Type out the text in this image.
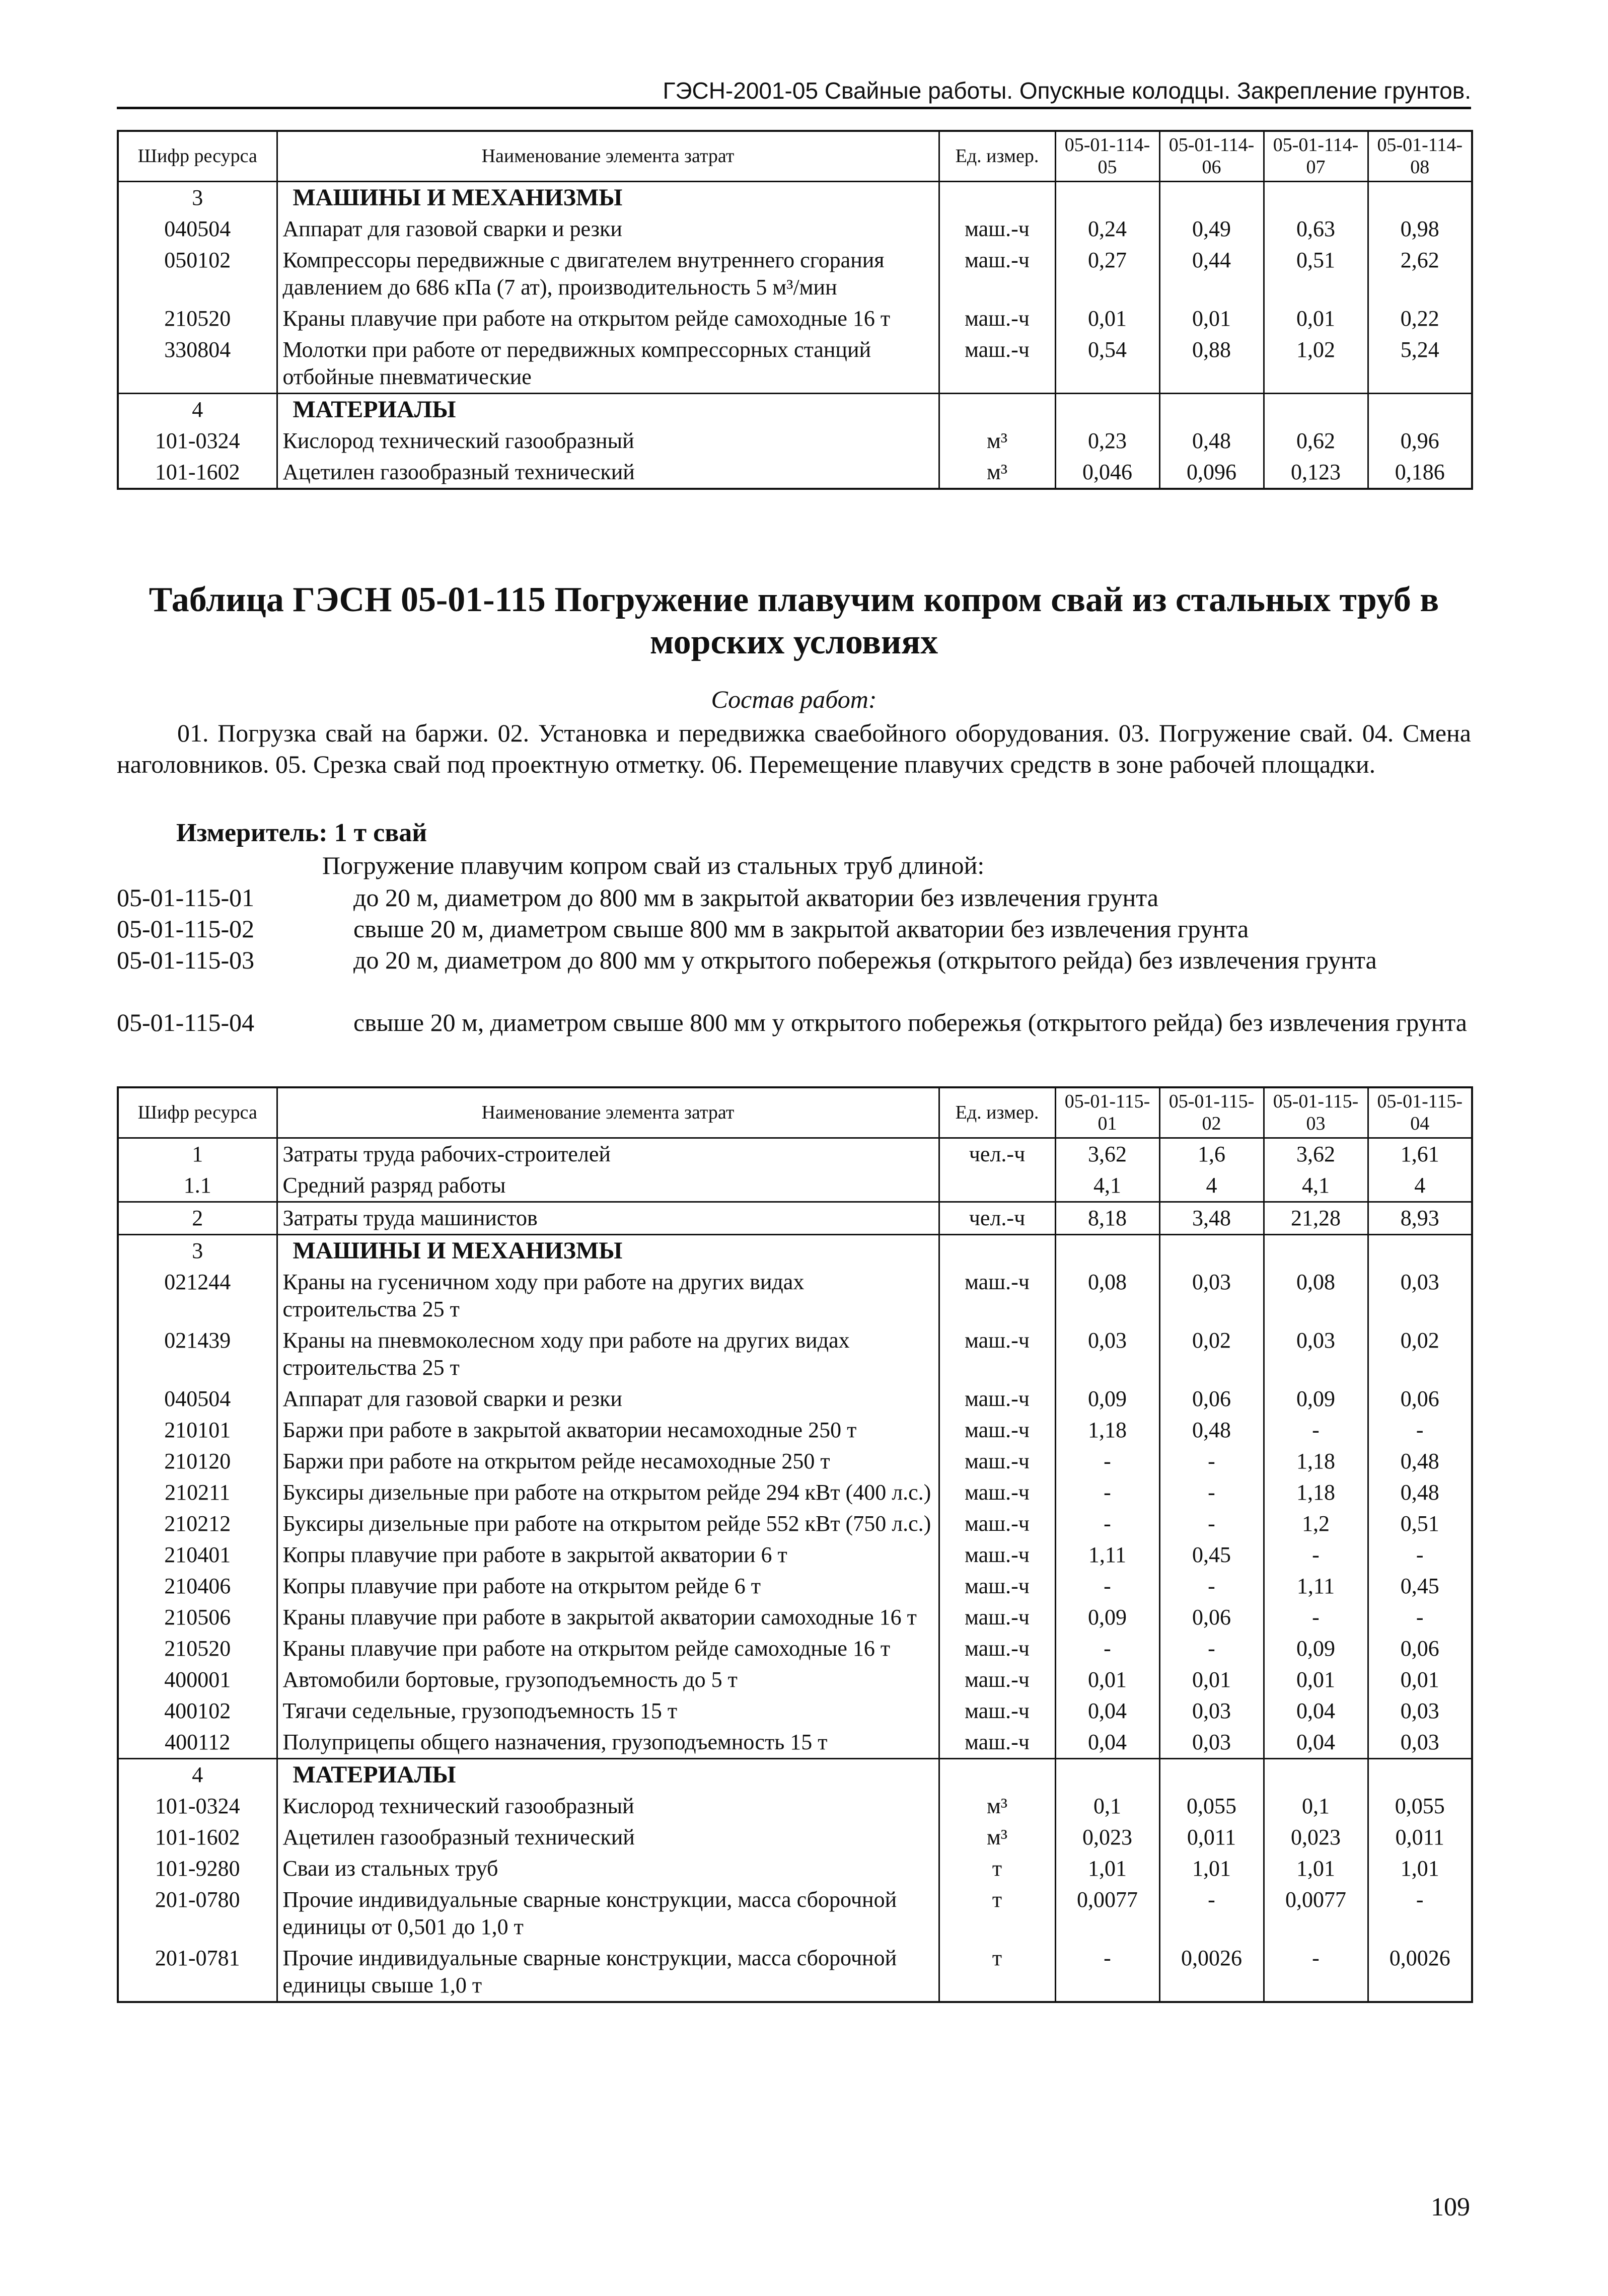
ГЭСН-2001-05 Свайные работы. Опускные колодцы. Закрепление грунтов.
Шифр ресурса	Наименование элемента затрат	Ед. измер.	05-01-114-05	05-01-114-06	05-01-114-07	05-01-114-08
3	МАШИНЫ И МЕХАНИЗМЫ					
040504	Аппарат для газовой сварки и резки	маш.-ч	0,24	0,49	0,63	0,98
050102	Компрессоры передвижные с двигателем внутреннего сгорания давлением до 686 кПа (7 ат), производительность 5 м³/мин	маш.-ч	0,27	0,44	0,51	2,62
210520	Краны плавучие при работе на открытом рейде самоходные 16 т	маш.-ч	0,01	0,01	0,01	0,22
330804	Молотки при работе от передвижных компрессорных станций отбойные пневматические	маш.-ч	0,54	0,88	1,02	5,24
4	МАТЕРИАЛЫ					
101-0324	Кислород технический газообразный	м³	0,23	0,48	0,62	0,96
101-1602	Ацетилен газообразный технический	м³	0,046	0,096	0,123	0,186
Таблица ГЭСН 05-01-115 Погружение плавучим копром свай из стальных труб в морских условиях
Состав работ:
01. Погрузка свай на баржи. 02. Установка и передвижка сваебойного оборудования. 03. Погружение свай. 04. Смена наголовников. 05. Срезка свай под проектную отметку. 06. Перемещение плавучих средств в зоне рабочей площадки.
Измеритель: 1 т свай
Погружение плавучим копром свай из стальных труб длиной:
05-01-115-01	до 20 м, диаметром до 800 мм в закрытой акватории без извлечения грунта
05-01-115-02	свыше 20 м, диаметром свыше 800 мм в закрытой акватории без извлечения грунта
05-01-115-03	до 20 м, диаметром до 800 мм у открытого побережья (открытого рейда) без извлечения грунта
05-01-115-04	свыше 20 м, диаметром свыше 800 мм у открытого побережья (открытого рейда) без извлечения грунта
Шифр ресурса	Наименование элемента затрат	Ед. измер.	05-01-115-01	05-01-115-02	05-01-115-03	05-01-115-04
1	Затраты труда рабочих-строителей	чел.-ч	3,62	1,6	3,62	1,61
1.1	Средний разряд работы		4,1	4	4,1	4
2	Затраты труда машинистов	чел.-ч	8,18	3,48	21,28	8,93
3	МАШИНЫ И МЕХАНИЗМЫ					
021244	Краны на гусеничном ходу при работе на других видах строительства 25 т	маш.-ч	0,08	0,03	0,08	0,03
021439	Краны на пневмоколесном ходу при работе на других видах строительства 25 т	маш.-ч	0,03	0,02	0,03	0,02
040504	Аппарат для газовой сварки и резки	маш.-ч	0,09	0,06	0,09	0,06
210101	Баржи при работе в закрытой акватории несамоходные 250 т	маш.-ч	1,18	0,48	-	-
210120	Баржи при работе на открытом рейде несамоходные 250 т	маш.-ч	-	-	1,18	0,48
210211	Буксиры дизельные при работе на открытом рейде 294 кВт (400 л.с.)	маш.-ч	-	-	1,18	0,48
210212	Буксиры дизельные при работе на открытом рейде 552 кВт (750 л.с.)	маш.-ч	-	-	1,2	0,51
210401	Копры плавучие при работе в закрытой акватории 6 т	маш.-ч	1,11	0,45	-	-
210406	Копры плавучие при работе на открытом рейде 6 т	маш.-ч	-	-	1,11	0,45
210506	Краны плавучие при работе в закрытой акватории самоходные 16 т	маш.-ч	0,09	0,06	-	-
210520	Краны плавучие при работе на открытом рейде самоходные 16 т	маш.-ч	-	-	0,09	0,06
400001	Автомобили бортовые, грузоподъемность до 5 т	маш.-ч	0,01	0,01	0,01	0,01
400102	Тягачи седельные, грузоподъемность 15 т	маш.-ч	0,04	0,03	0,04	0,03
400112	Полуприцепы общего назначения, грузоподъемность 15 т	маш.-ч	0,04	0,03	0,04	0,03
4	МАТЕРИАЛЫ					
101-0324	Кислород технический газообразный	м³	0,1	0,055	0,1	0,055
101-1602	Ацетилен газообразный технический	м³	0,023	0,011	0,023	0,011
101-9280	Сваи из стальных труб	т	1,01	1,01	1,01	1,01
201-0780	Прочие индивидуальные сварные конструкции, масса сборочной единицы от 0,501 до 1,0 т	т	0,0077	-	0,0077	-
201-0781	Прочие индивидуальные сварные конструкции, масса сборочной единицы свыше 1,0 т	т	-	0,0026	-	0,0026
109
